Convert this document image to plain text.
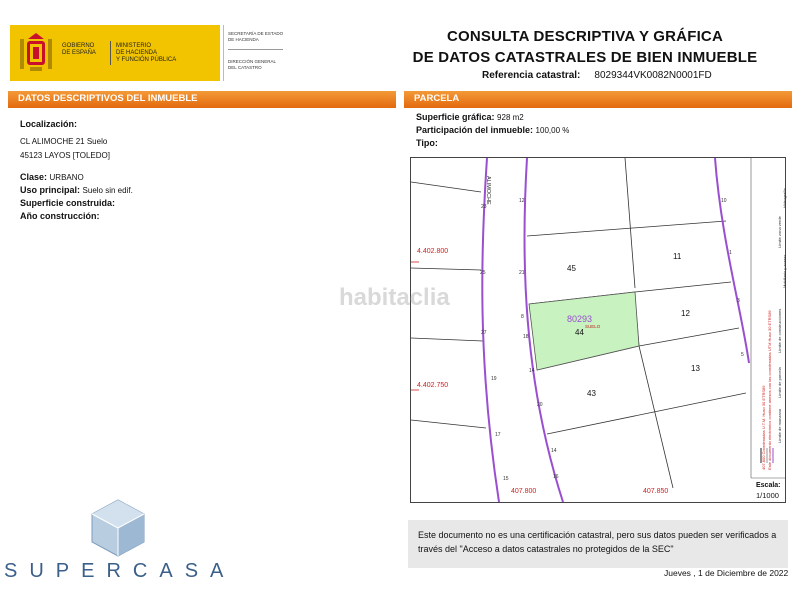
GOBIERNO
DE ESPAÑA
MINISTERIO
DE HACIENDA
Y FUNCIÓN PÚBLICA
SECRETARÍA DE ESTADO
DE HACIENDA
DIRECCIÓN GENERAL
DEL CATASTRO
CONSULTA DESCRIPTIVA Y GRÁFICA
DE DATOS CATASTRALES DE BIEN INMUEBLE
Referencia catastral: 8029344VK0082N0001FD
DATOS DESCRIPTIVOS DEL INMUEBLE
Localización:
CL ALIMOCHE 21 Suelo
45123 LAYOS [TOLEDO]
Clase: URBANO
Uso principal: Suelo sin edif.
Superficie construida:
Año construcción:
PARCELA
Superficie gráfica: 928 m2
Participación del inmueble: 100,00 %
Tipo:
4.402.800
4.402.750
407.800	407.850
ALIMOCHE
45
11
12
44
13
43
80293
SUELO
12
23
25
27
21
8
18
20
19
17
15
14
16
10
1
3
5
14	Este documento electrónico contiene anexos con las coordenadas UTM Huso 30 ETRS89
407.800 Coordenadas U.T.M. Huso 30 ETRS89	Límite de manzana
Límite de parcela
Límite de construcciones
Mobiliario y aceras
Límite zona verde
Hidrografía
Escala:
1/1000
habitaclia
Este documento no es una certificación catastral, pero sus datos pueden ser verificados a
través del "Acceso a datos catastrales no protegidos de la SEC"
Jueves , 1 de Diciembre de 2022
SUPERCASA
